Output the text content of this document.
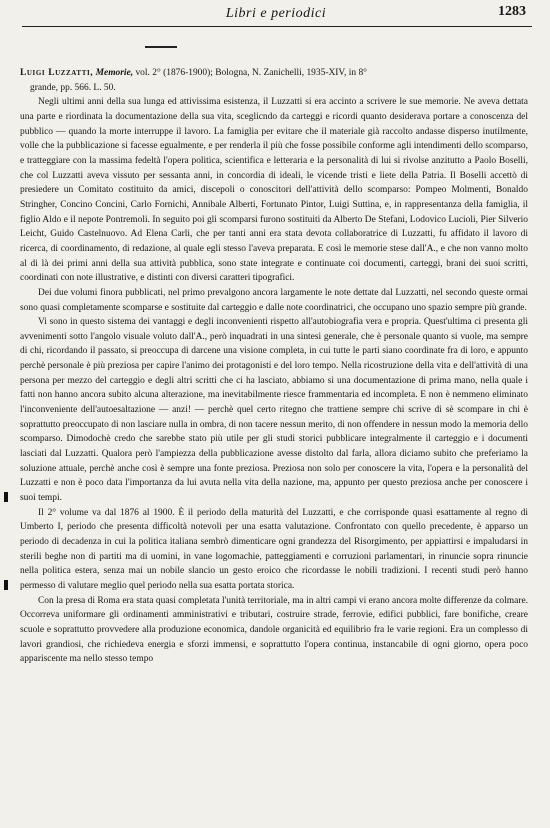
Libri e periodici	1283

Luigi Luzzatti, Memorie, vol. 2° (1876-1900); Bologna, N. Zanichelli, 1935-XIV, in 8°
grande, pp. 566. L. 50.

Negli ultimi anni della sua lunga ed attivissima esistenza, il Luzzatti si era accinto a scrivere le sue memorie. Ne aveva dettata una parte e riordinata la documentazione della sua vita, sceglicndo da carteggi e ricordi quanto desiderava portare a conoscenza del pubblico — quando la morte interruppe il lavoro. La famiglia per evitare che il materiale già raccolto andasse disperso inutilmente, volle che la pubblicazione si facesse egualmente, e per renderla il più che fosse possibile conforme agli intendimenti dello scomparso, e tratteggiare con la massima fedeltà l'opera politica, scientifica e letteraria e la personalità di lui si rivolse anzitutto a Paolo Boselli, che col Luzzatti aveva vissuto per sessanta anni, in concordia di ideali, le vicende tristi e liete della Patria. Il Boselli accettò di presiedere un Comitato costituito da amici, discepoli o conoscitori dell'attività dello scomparso: Pompeo Molmenti, Bonaldo Stringher, Concino Concini, Carlo Fornichi, Annibale Alberti, Fortunato Pintor, Luigi Suttina, e, in rappresentanza della famiglia, il figlio Aldo e il nepote Pontremoli. In seguito poi gli scomparsi furono sostituiti da Alberto De Stefani, Lodovico Lucioli, Pier Silverio Leicht, Guido Castelnuovo. Ad Elena Carli, che per tanti anni era stata devota collaboratrice di Luzzatti, fu affidato il lavoro di ricerca, di coordinamento, di redazione, al quale egli stesso l'aveva preparata. E così le memorie stese dall'A., e che non vanno molto al di là dei primi anni della sua attività pubblica, sono state integrate e continuate coi documenti, carteggi, brani dei suoi scritti, coordinati con note illustrative, e distinti con diversi caratteri tipografici.

Dei due volumi finora pubblicati, nel primo prevalgono ancora largamente le note dettate dal Luzzatti, nel secondo queste ormai sono quasi completamente scomparse e sostituite dal carteggio e dalle note coordinatrici, che occupano uno spazio sempre più grande.

Vi sono in questo sistema dei vantaggi e degli inconvenienti rispetto all'autobiografia vera e propria. Quest'ultima ci presenta gli avvenimenti sotto l'angolo visuale voluto dall'A., però inquadrati in una sintesi generale, che è personale quanto si vuole, ma sempre di chi, ricordando il passato, si preoccupa di darcene una visione completa, in cui tutte le parti siano coordinate fra di loro, e appunto perchè personale è più preziosa per capire l'animo dei protagonisti e del loro tempo. Nella ricostruzione della vita e dell'attività di una persona per mezzo del carteggio e degli altri scritti che ci ha lasciato, abbiamo sì una documentazione di prima mano, nella quale i fatti non hanno ancora subito alcuna alterazione, ma inevitabilmente riesce frammentaria ed incompleta. E non è nemmeno eliminato l'inconveniente dell'autoesaltazione — anzi! — perchè quel certo ritegno che trattiene sempre chi scrive di sè scompare in chi è soprattutto preoccupato di non lasciare nulla in ombra, di non tacere nessun merito, di non offendere in nessun modo la memoria dello scomparso. Dimodochè credo che sarebbe stato più utile per gli studi storici pubblicare integralmente il carteggio e i documenti lasciati dal Luzzatti. Qualora però l'ampiezza della pubblicazione avesse distolto dal farla, allora diciamo subito che preferiamo la soluzione attuale, perchè anche così è sempre una fonte preziosa. Preziosa non solo per conoscere la vita, l'opera e la personalità del Luzzatti e non è poco data l'importanza da lui avuta nella vita della nazione, ma, appunto per questo preziosa anche per conoscere i suoi tempi.

Il 2° volume va dal 1876 al 1900. È il periodo della maturità del Luzzatti, e che corrisponde quasi esattamente al regno di Umberto I, periodo che presenta difficoltà notevoli per una esatta valutazione. Confrontato con quello precedente, è apparso un periodo di decadenza in cui la politica italiana sembrò dimenticare ogni grandezza del Risorgimento, per appiattirsi e impaludarsi in sterili beghe non di partiti ma di uomini, in vane logomachie, patteggiamenti e corruzioni parlamentari, in rinuncie sopra rinuncie nella politica estera, senza mai un nobile slancio un gesto eroico che ricordasse le nobili tradizioni. I recenti studi però hanno permesso di valutare meglio quel periodo nella sua esatta portata storica.

Con la presa di Roma era stata quasi completata l'unità territoriale, ma in altri campi vi erano ancora molte differenze da colmare. Occorreva uniformare gli ordinamenti amministrativi e tributari, costruire strade, ferrovie, edifici pubblici, fare bonifiche, creare scuole e soprattutto provvedere alla produzione economica, dandole organicità ed equilibrio fra le varie regioni. Era un complesso di lavori grandiosi, che richiedeva energia e sforzi immensi, e soprattutto l'opera continua, instancabile di ogni giorno, opera poco appariscente ma nello stesso tempo
